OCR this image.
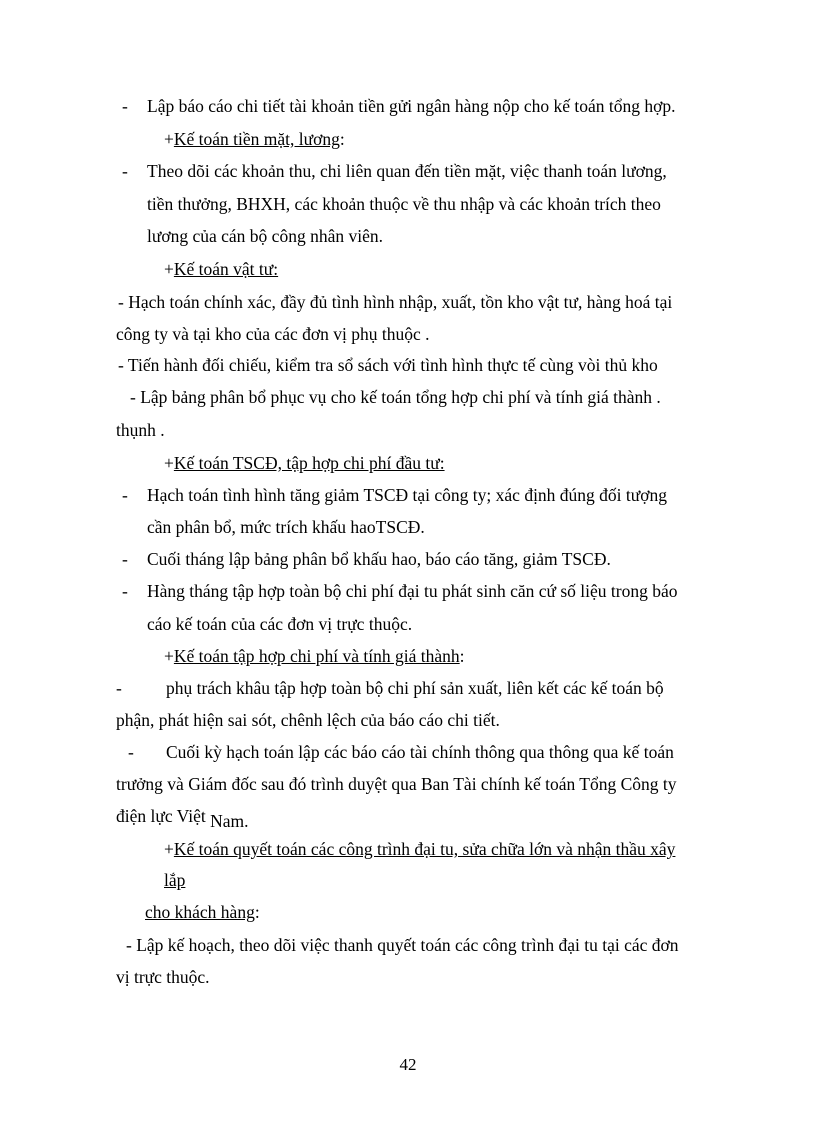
- Lập báo cáo chi tiết tài khoản tiền gửi ngân hàng nộp cho kế toán tổng hợp.
+Kế toán tiền mặt, lương:
- Theo dõi các khoản thu, chi liên quan đến tiền mặt, việc thanh toán lương,
tiền thưởng, BHXH, các khoản thuộc về thu nhập và các khoản trích theo
lương của cán bộ công nhân viên.
+Kế toán vật tư:
- Hạch toán chính xác, đầy đủ tình hình nhập, xuất, tồn kho vật tư, hàng hoá tại
công ty và tại kho của các đơn vị phụ thuộc .
- Tiến hành đối chiếu, kiểm tra sổ sách với tình hình thực tế cùng vòi thủ kho
- Lập bảng phân bổ phục vụ cho kế toán tổng hợp chi phí và tính giá thành .
thụnh .
+Kế toán TSCĐ, tập hợp chi phí đầu tư:
- Hạch toán tình hình tăng giảm TSCĐ tại công ty; xác định đúng đối tượng
cần phân bổ, mức trích khấu haoTSCĐ.
- Cuối tháng lập bảng phân bổ khấu hao, báo cáo tăng, giảm TSCĐ.
- Hàng tháng tập hợp toàn bộ chi phí đại tu phát sinh căn cứ số liệu trong báo
cáo kế toán của các đơn vị trực thuộc.
+Kế toán tập hợp chi phí và tính giá thành:
-	phụ trách khâu tập hợp toàn bộ chi phí sản xuất, liên kết các kế toán bộ
phận, phát hiện sai sót, chênh lệch của báo cáo chi tiết.
- Cuối kỳ hạch toán lập các báo cáo tài chính thông qua thông qua kế toán
trưởng và Giám đốc sau đó trình duyệt qua Ban Tài chính kế toán Tổng Công ty
điện lực Việt Nam.
+Kế toán quyết toán các công trình đại tu, sửa chữa lớn và nhận thầu xây
lắp
cho khách hàng:
- Lập kế hoạch, theo dõi việc thanh quyết toán các công trình đại tu tại các đơn
vị trực thuộc.
42
